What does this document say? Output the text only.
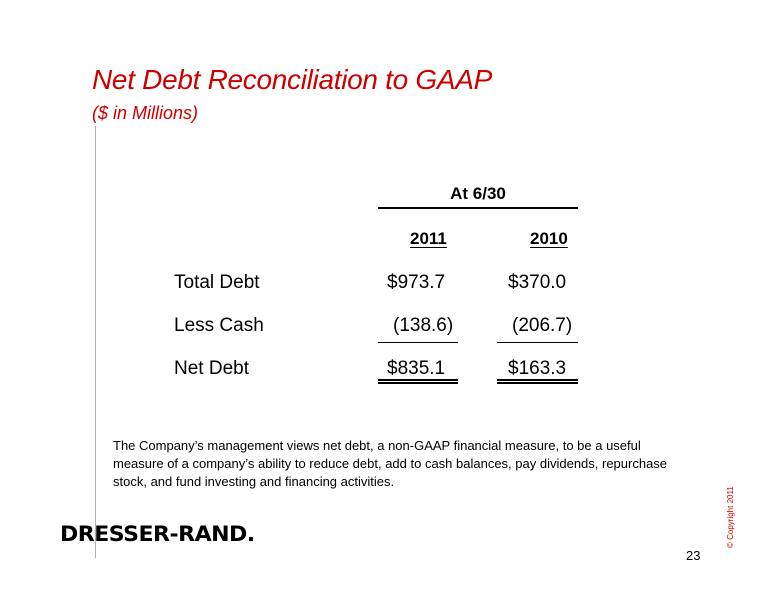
Net Debt Reconciliation to GAAP
($ in Millions)
At 6/30
2011	2010
Total Debt	$973.7	$370.0
Less Cash	(138.6)	(206.7)
Net Debt	$835.1	$163.3
The Company’s management views net debt, a non-GAAP financial measure, to be a useful measure of a company’s ability to reduce debt, add to cash balances, pay dividends, repurchase stock, and fund investing and financing activities.
DRESSER-RAND.
23
© Copyright 2011
